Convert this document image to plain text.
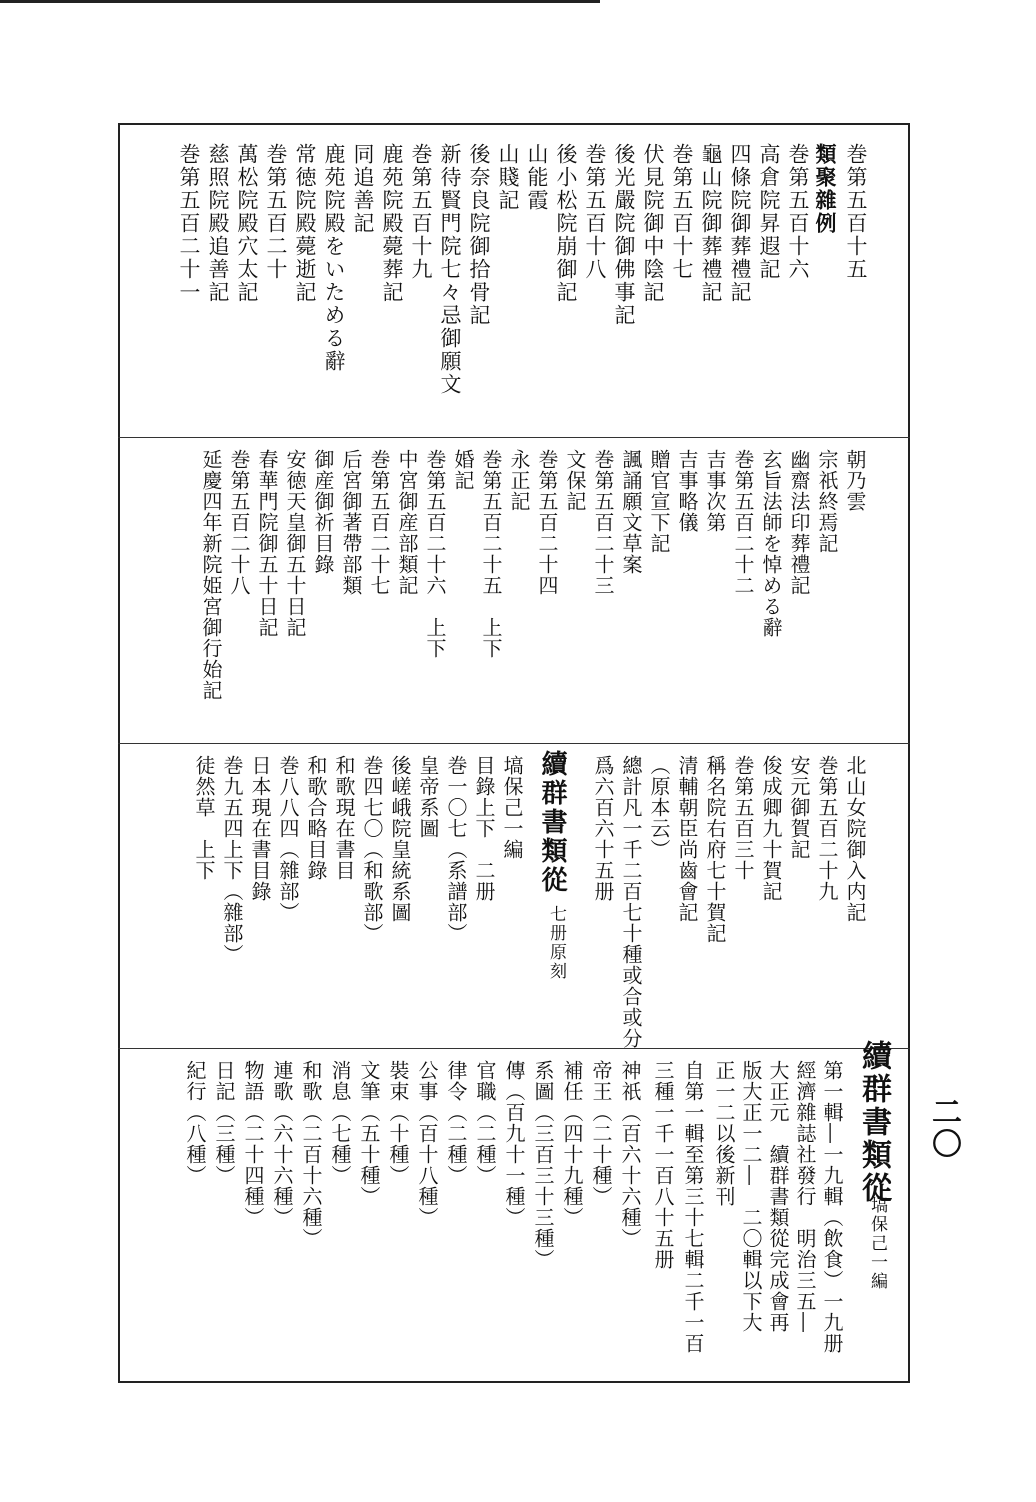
二〇
巻第五百十五
類聚雜例
巻第五百十六
高倉院昇遐記
四條院御葬禮記
龜山院御葬禮記
巻第五百十七
伏見院御中陰記
後光嚴院御佛事記
巻第五百十八
後小松院崩御記
山能霞
山賤記
後奈良院御拾骨記
新待賢門院七々忌御願文
巻第五百十九
鹿苑院殿薨葬記
同追善記
鹿苑院殿をいためる辭
常徳院殿薨逝記
巻第五百二十
萬松院殿穴太記
慈照院殿追善記
巻第五百二十一
朝乃雲
宗祇終焉記
幽齋法印葬禮記
玄旨法師を悼める辭
巻第五百二十二
吉事次第
吉事略儀
贈官宣下記
諷誦願文草案
巻第五百二十三
文保記
巻第五百二十四
永正記
巻第五百二十五　上下
婚記
巻第五百二十六　上下
中宮御産部類記
巻第五百二十七
后宮御著帶部類
御産御祈目錄
安徳天皇御五十日記
春華門院御五十日記
巻第五百二十八
延慶四年新院姫宮御行始記
北山女院御入内記
巻第五百二十九
安元御賀記
俊成卿九十賀記
巻第五百三十
稱名院右府七十賀記
清輔朝臣尚齒會記
（原本云）
總計凡一千二百七十種或合或分
爲六百六十五册
續群書類從
七册原刻
塙保己一編
目錄上下　二册
巻一〇七（系譜部）
皇帝系圖
後嵯峨院皇統系圖
巻四七〇（和歌部）
和歌現在書目
和歌合略目錄
巻八八四（雜部）
日本現在書目錄
巻九五四上下（雜部）
徒然草　上下
續群書類從
塙保己一編
第一輯―一九輯（飲食）一九册
經濟雜誌社發行　明治三五―
大正元　續群書類從完成會再
版大正一二―　二〇輯以下大
正一二以後新刊
自第一輯至第三十七輯二千一百
三種一千一百八十五册
神祇（百六十六種）
帝王（二十種）
補任（四十九種）
系圖（三百三十三種）
傳（百九十一種）
官職（二種）
律令（二種）
公事（百十八種）
裝束（十種）
文筆（五十種）
消息（七種）
和歌（二百十六種）
連歌（六十六種）
物語（二十四種）
日記（三種）
紀行（八種）
